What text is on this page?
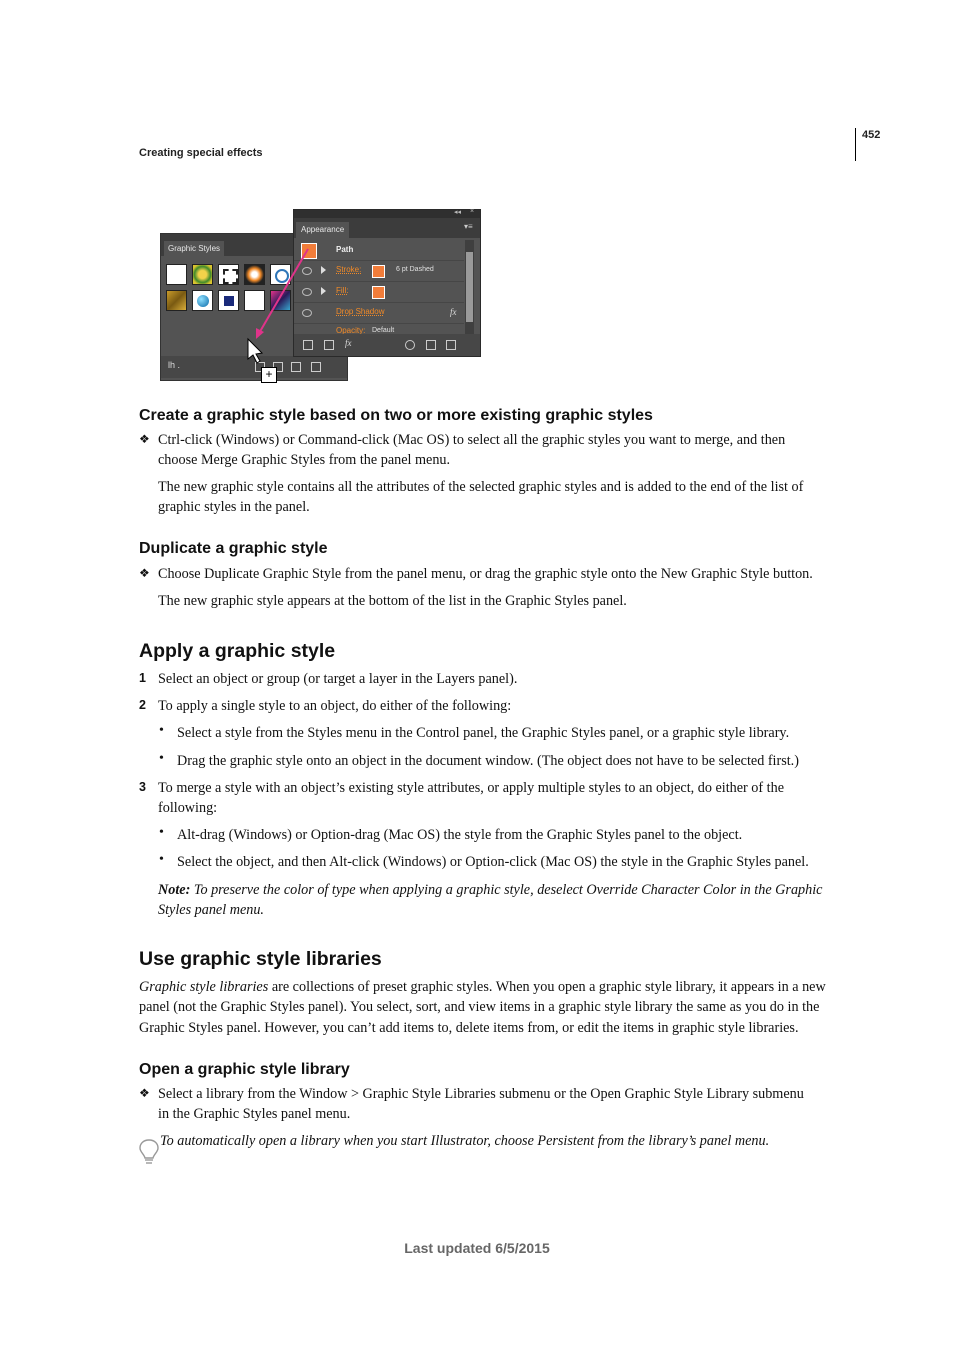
452
Creating special effects
Graphic Styles
lh .
◂◂ ×
Appearance	▾≡
Path
Stroke:	6 pt Dashed
Fill:
Drop Shadow	fx
Opacity: Default
fx
+
Create a graphic style based on two or more existing graphic styles
❖ Ctrl-click (Windows) or Command-click (Mac OS) to select all the graphic styles you want to merge, and then
choose Merge Graphic Styles from the panel menu.
The new graphic style contains all the attributes of the selected graphic styles and is added to the end of the list of
graphic styles in the panel.
Duplicate a graphic style
❖ Choose Duplicate Graphic Style from the panel menu, or drag the graphic style onto the New Graphic Style button.
The new graphic style appears at the bottom of the list in the Graphic Styles panel.
Apply a graphic style
1 Select an object or group (or target a layer in the Layers panel).
2 To apply a single style to an object, do either of the following:
• Select a style from the Styles menu in the Control panel, the Graphic Styles panel, or a graphic style library.
• Drag the graphic style onto an object in the document window. (The object does not have to be selected first.)
3 To merge a style with an object’s existing style attributes, or apply multiple styles to an object, do either of the
following:
• Alt-drag (Windows) or Option-drag (Mac OS) the style from the Graphic Styles panel to the object.
• Select the object, and then Alt-click (Windows) or Option-click (Mac OS) the style in the Graphic Styles panel.
Note: To preserve the color of type when applying a graphic style, deselect Override Character Color in the Graphic
Styles panel menu.
Use graphic style libraries
Graphic style libraries are collections of preset graphic styles. When you open a graphic style library, it appears in a new
panel (not the Graphic Styles panel). You select, sort, and view items in a graphic style library the same as you do in the
Graphic Styles panel. However, you can’t add items to, delete items from, or edit the items in graphic style libraries.
Open a graphic style library
❖ Select a library from the Window > Graphic Style Libraries submenu or the Open Graphic Style Library submenu
in the Graphic Styles panel menu.
To automatically open a library when you start Illustrator, choose Persistent from the library’s panel menu.
Last updated 6/5/2015
